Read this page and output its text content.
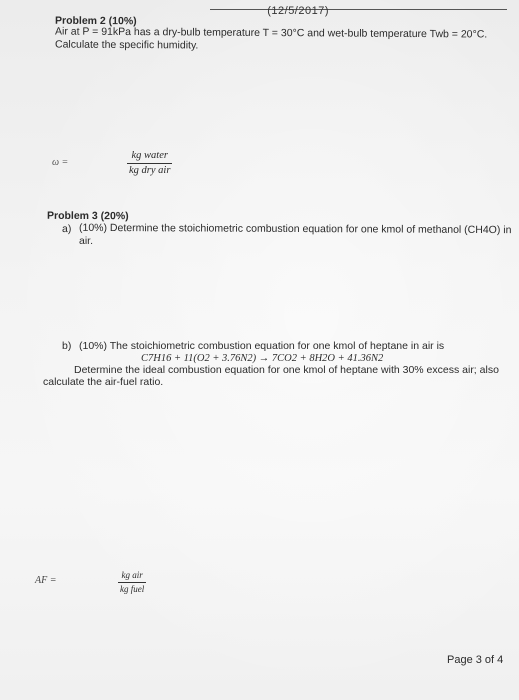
(12/5/2017)
Problem 2 (10%)
Air at P = 91kPa has a dry-bulb temperature T = 30°C and wet-bulb temperature Twb = 20°C.
Calculate the specific humidity.
ω =
kg water
kg dry air
Problem 3 (20%)
a) (10%) Determine the stoichiometric combustion equation for one kmol of methanol (CH4O) in
air.
b) (10%) The stoichiometric combustion equation for one kmol of heptane in air is
C7H16 + 11(O2 + 3.76N2) → 7CO2 + 8H2O + 41.36N2
Determine the ideal combustion equation for one kmol of heptane with 30% excess air; also
calculate the air-fuel ratio.
AF =	kg air
kg fuel
Page 3 of 4
